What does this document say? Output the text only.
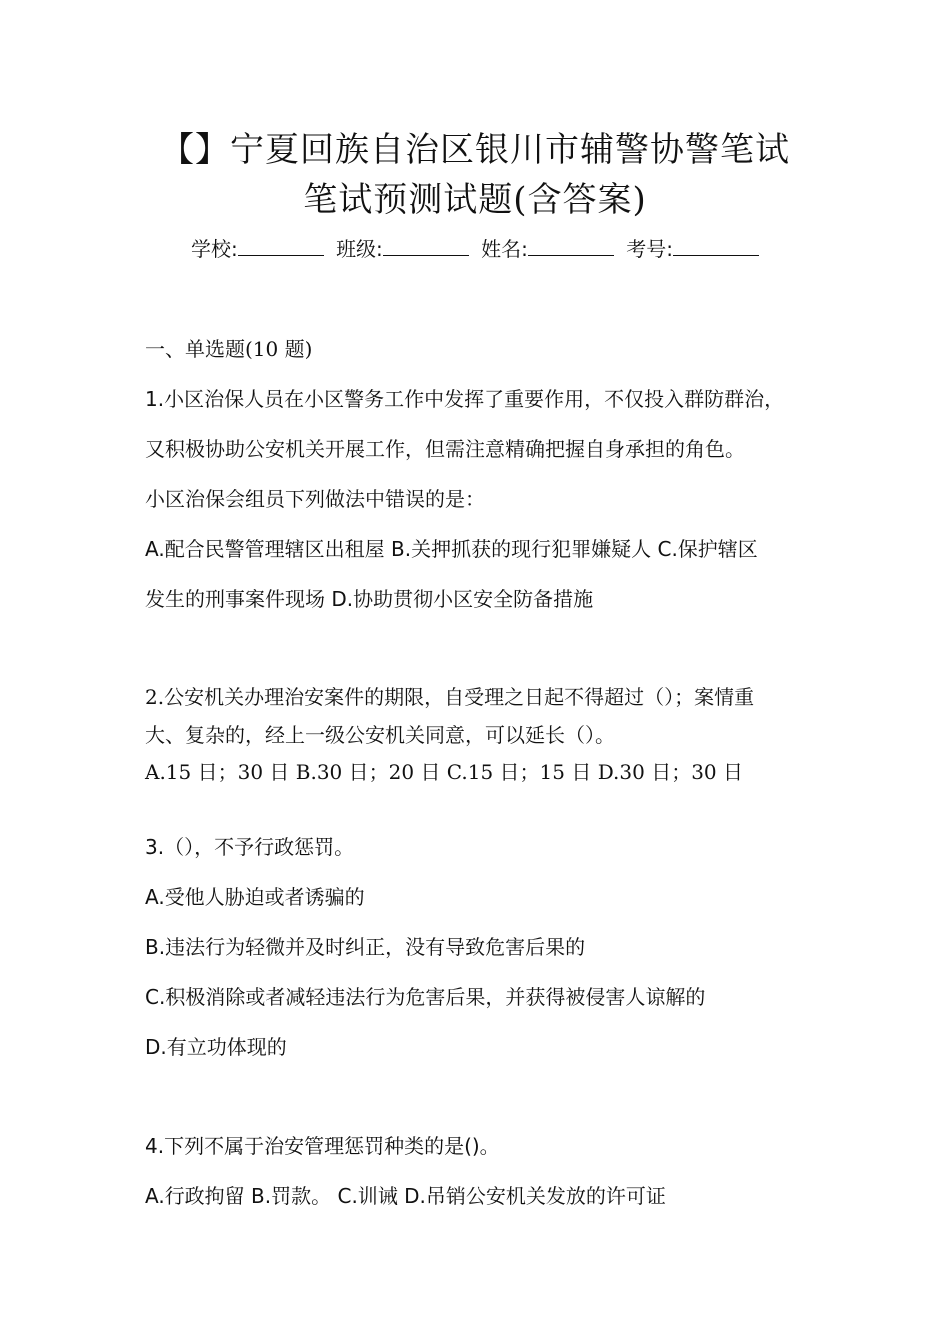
【】宁夏回族自治区银川市辅警协警笔试
笔试预测试题(含答案)
学校:	班级:	姓名:	考号:
一、单选题(10 题)
1.小区治保人员在小区警务工作中发挥了重要作用，不仅投入群防群治，
又积极协助公安机关开展工作，但需注意精确把握自身承担的角色。
小区治保会组员下列做法中错误的是：
A.配合民警管理辖区出租屋 B.关押抓获的现行犯罪嫌疑人 C.保护辖区
发生的刑事案件现场 D.协助贯彻小区安全防备措施
2.公安机关办理治安案件的期限，自受理之日起不得超过（）；案情重
大、复杂的，经上一级公安机关同意，可以延长（）。
A.15 日；30 日 B.30 日；20 日 C.15 日；15 日 D.30 日；30 日
3.（），不予行政惩罚。
A.受他人胁迫或者诱骗的
B.违法行为轻微并及时纠正，没有导致危害后果的
C.积极消除或者减轻违法行为危害后果，并获得被侵害人谅解的
D.有立功体现的
4.下列不属于治安管理惩罚种类的是()。
A.行政拘留 B.罚款。 C.训诫 D.吊销公安机关发放的许可证
